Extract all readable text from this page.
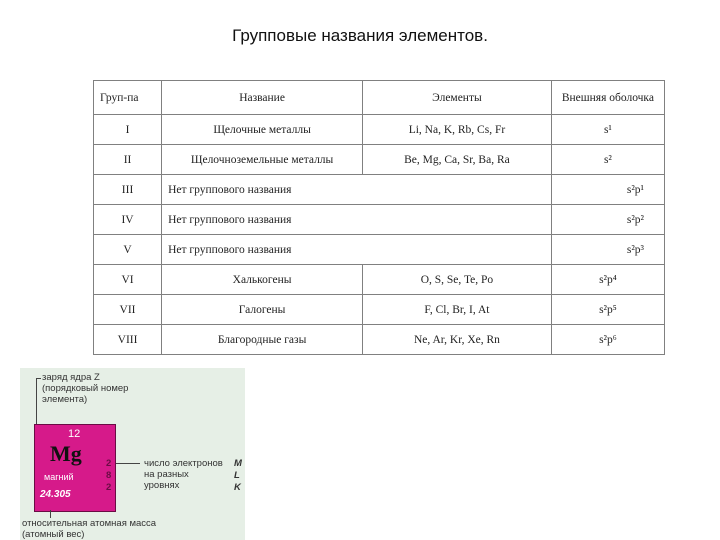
Групповые названия элементов.
Груп-па	Название	Элементы	Внешняя оболочка
I	Щелочные металлы	Li, Na, K, Rb, Cs, Fr	s¹
II	Щелочноземельные металлы	Be, Mg, Ca, Sr, Ba, Ra	s²
III	Нет группового названия		s²p¹
IV	Нет группового названия		s²p²
V	Нет группового названия		s²p³
VI	Халькогены	O, S, Se, Te, Po	s²p⁴
VII	Галогены	F, Cl, Br, I, At	s²p⁵
VIII	Благородные газы	Ne, Ar, Kr, Xe, Rn	s²p⁶
заряд ядра Z
(порядковый номер
элемента)
12
Mg
магний
24.305
2
8
2
число электронов
на разных
уровнях
M
L
K
относительная атомная масса
(атомный вес)
